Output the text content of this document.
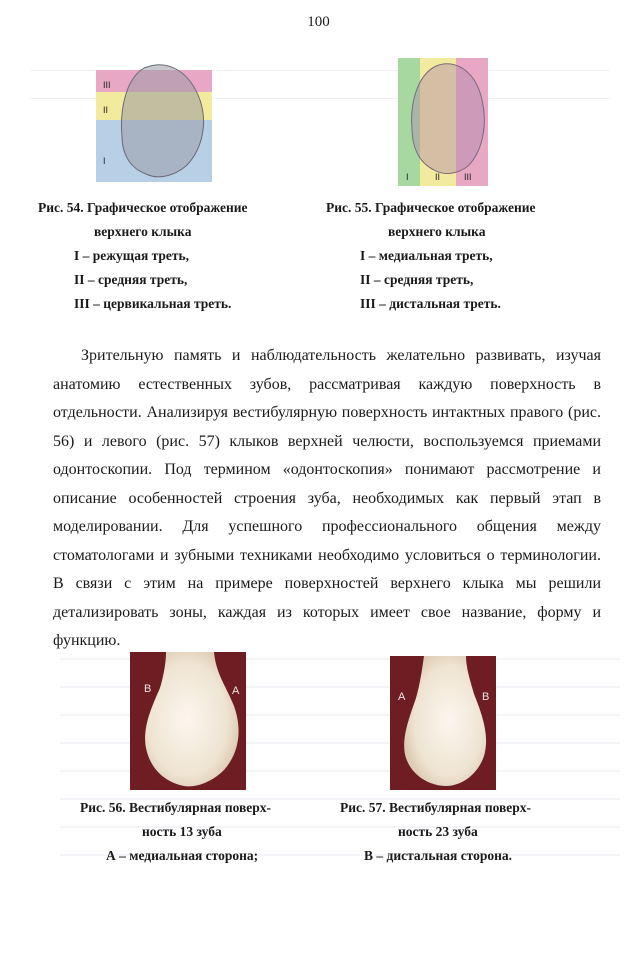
100
III
II
I
I	II	III
Рис. 54. Графическое отображение
верхнего клыка
I – режущая треть,
II – средняя треть,
III – цервикальная треть.
Рис. 55. Графическое отображение
верхнего клыка
I – медиальная треть,
II – средняя треть,
III – дистальная треть.

Зрительную память и наблюдательность желательно развивать, изучая анатомию естественных зубов, рассматривая каждую поверхность в отдельности. Анализируя вестибулярную поверхность интактных правого (рис. 56) и левого (рис. 57) клыков верхней челюсти, воспользуемся приемами одонтоскопии. Под термином «одонтоскопия» понимают рассмотрение и описание особенностей строения зуба, необходимых как первый этап в моделировании. Для успешного профессионального общения между стоматологами и зубными техниками необходимо условиться о терминологии. В связи с этим на примере поверхностей верхнего клыка мы решили детализировать зоны, каждая из которых имеет свое название, форму и функцию.

В	А	А	В
Рис. 56. Вестибулярная поверх-
ность 13 зуба
А – медиальная сторона;
Рис. 57. Вестибулярная поверх-
ность 23 зуба
В – дистальная сторона.
